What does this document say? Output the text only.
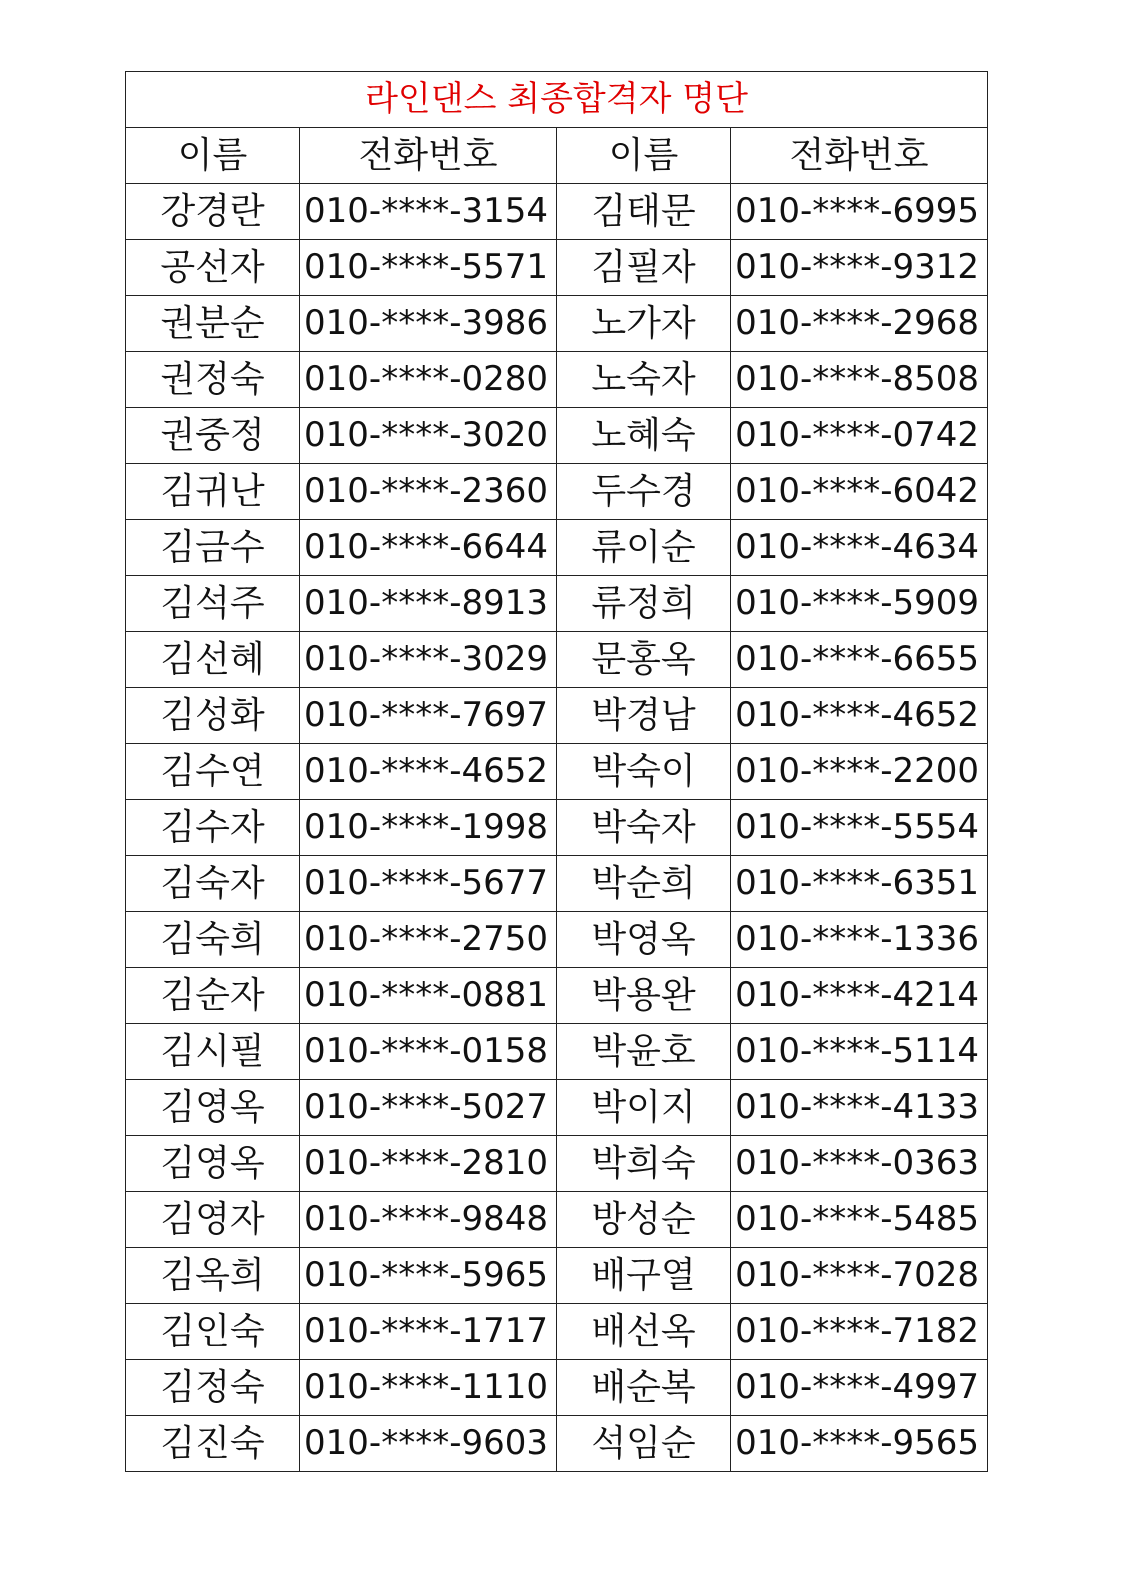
라인댄스 최종합격자 명단			
이름	전화번호	이름	전화번호
강경란	010-****-3154	김태문	010-****-6995
공선자	010-****-5571	김필자	010-****-9312
권분순	010-****-3986	노가자	010-****-2968
권정숙	010-****-0280	노숙자	010-****-8508
권중정	010-****-3020	노혜숙	010-****-0742
김귀난	010-****-2360	두수경	010-****-6042
김금수	010-****-6644	류이순	010-****-4634
김석주	010-****-8913	류정희	010-****-5909
김선혜	010-****-3029	문홍옥	010-****-6655
김성화	010-****-7697	박경남	010-****-4652
김수연	010-****-4652	박숙이	010-****-2200
김수자	010-****-1998	박숙자	010-****-5554
김숙자	010-****-5677	박순희	010-****-6351
김숙희	010-****-2750	박영옥	010-****-1336
김순자	010-****-0881	박용완	010-****-4214
김시필	010-****-0158	박윤호	010-****-5114
김영옥	010-****-5027	박이지	010-****-4133
김영옥	010-****-2810	박희숙	010-****-0363
김영자	010-****-9848	방성순	010-****-5485
김옥희	010-****-5965	배구열	010-****-7028
김인숙	010-****-1717	배선옥	010-****-7182
김정숙	010-****-1110	배순복	010-****-4997
김진숙	010-****-9603	석임순	010-****-9565
